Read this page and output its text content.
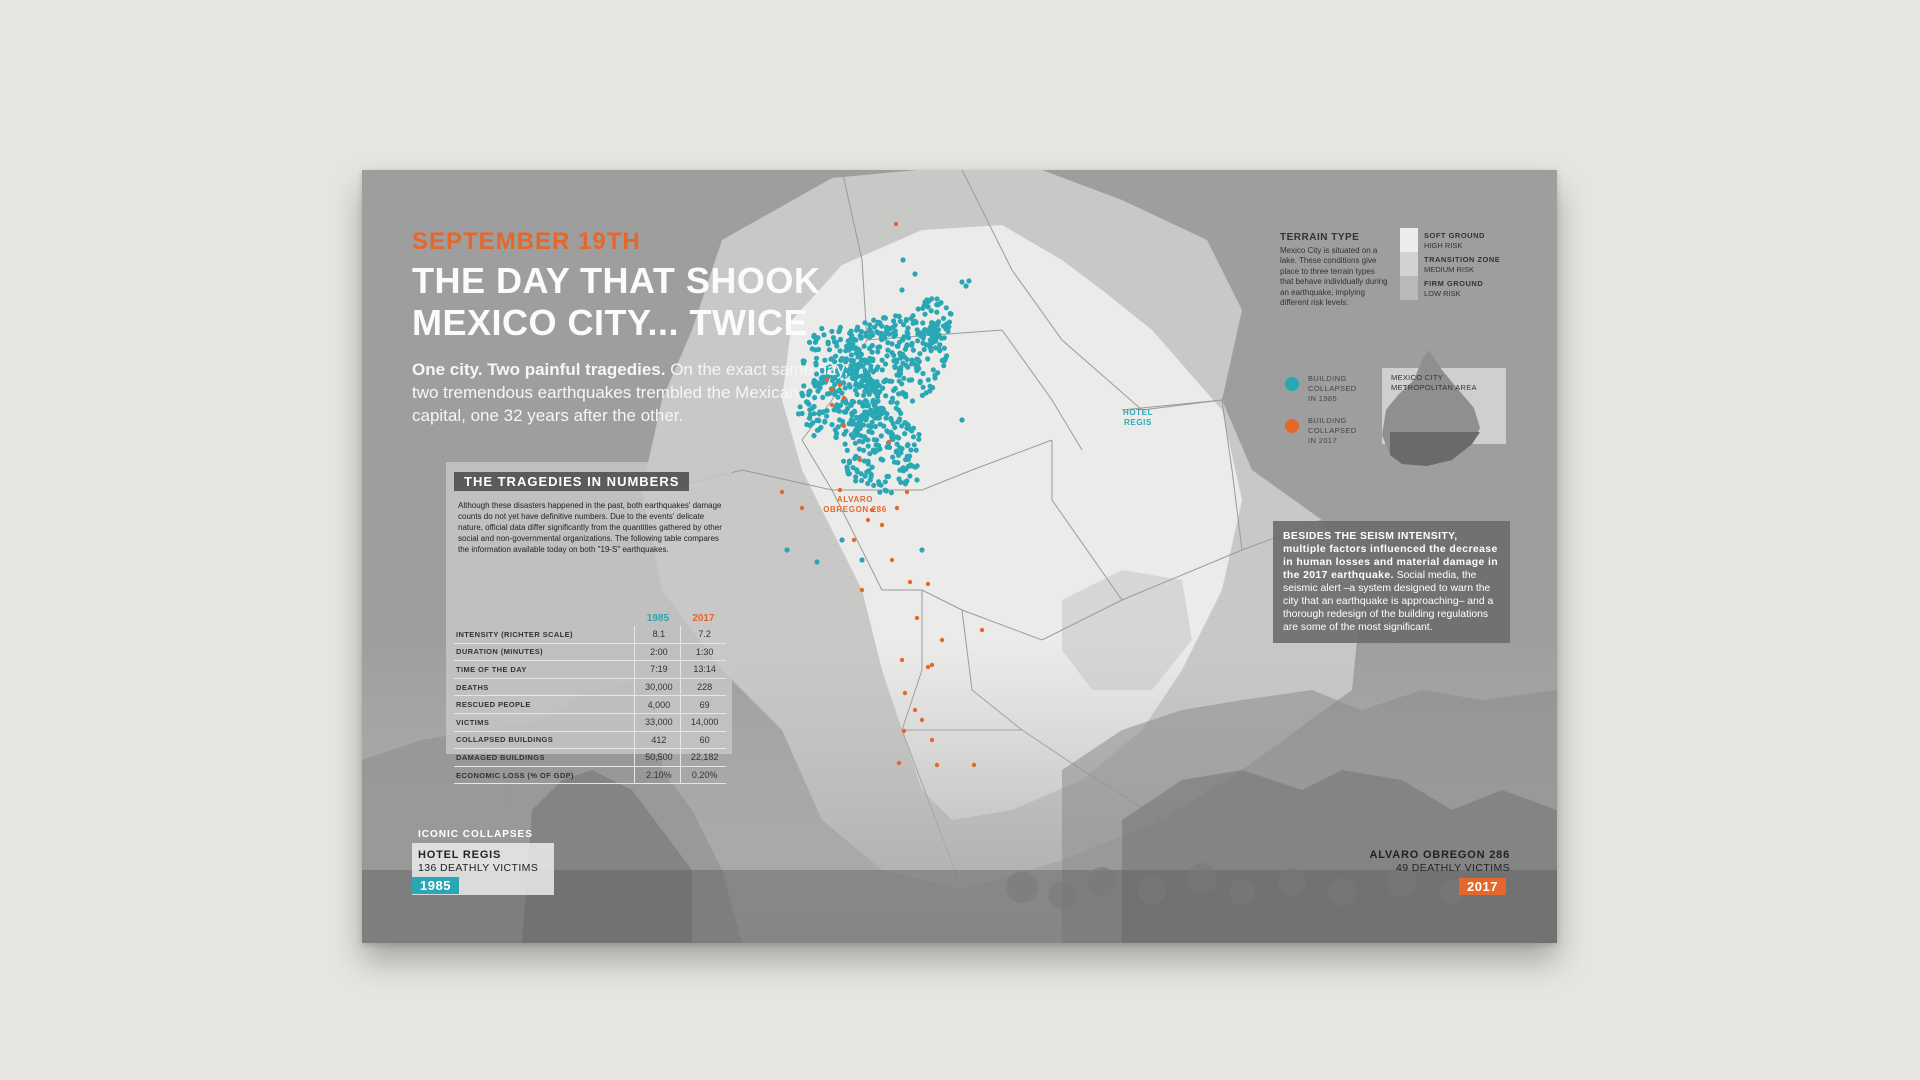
SEPTEMBER 19TH
THE DAY THAT SHOOK MEXICO CITY... TWICE
One city. Two painful tragedies. On the exact same day, two tremendous earthquakes trembled the Mexican capital, one 32 years after the other.	HOTEL REGIS
ALVARO OBREGON 286
THE TRAGEDIES IN NUMBERS
Although these disasters happened in the past, both earthquakes' damage counts do not yet have definitive numbers. Due to the events' delicate nature, official data differ significantly from the quantities gathered by other social and non-governmental organizations. The following table compares the information available today on both "19-S" earthquakes.
	1985	2017
INTENSITY (RICHTER SCALE)	8.1	7.2
DURATION (MINUTES)	2:00	1:30
TIME OF THE DAY	7:19	13:14
DEATHS	30,000	228
RESCUED PEOPLE	4,000	69
VICTIMS	33,000	14,000
COLLAPSED BUILDINGS	412	60
DAMAGED BUILDINGS	50,500	22,182
ECONOMIC LOSS (% OF GDP)	2.10%	0.20%
TERRAIN TYPE
Mexico City is situated on a lake. These conditions give place to three terrain types that behave individually during an earthquake, implying different risk levels:
SOFT GROUND
HIGH RISK
TRANSITION ZONE
MEDIUM RISK
FIRM GROUND
LOW RISK
BUILDING COLLAPSED IN 1985
BUILDING COLLAPSED IN 2017
MEXICO CITY METROPOLITAN AREA
BESIDES THE SEISM INTENSITY, multiple factors influenced the decrease in human losses and material damage in the 2017 earthquake. Social media, the seismic alert –a system designed to warn the city that an earthquake is approaching– and a thorough redesign of the building regulations are some of the most significant.
ICONIC COLLAPSES
HOTEL REGIS
136 DEATHLY VICTIMS
1985
ALVARO OBREGON 286
49 DEATHLY VICTIMS
2017
